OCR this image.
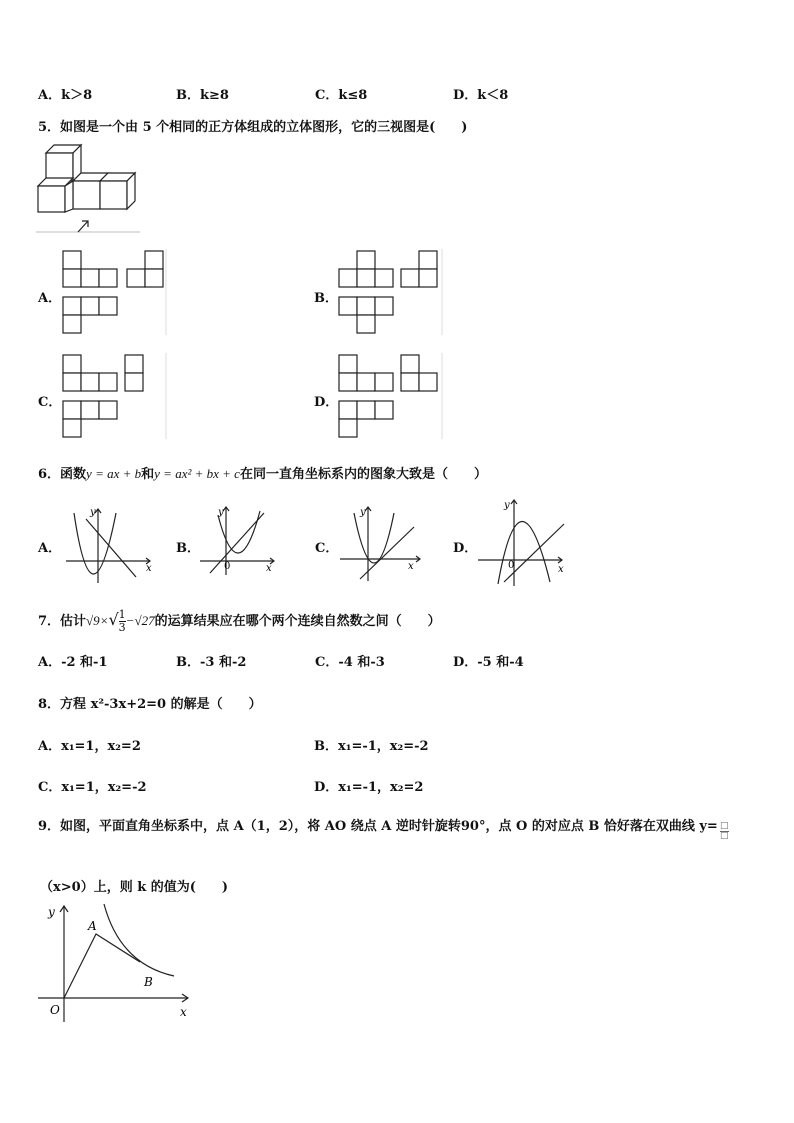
A．k＞8	B．k≥8	C．k≤8	D．k＜8
5．如图是一个由 5 个相同的正方体组成的立体图形，它的三视图是(　　)
A．	B．
C．	D．
6．函数y = ax + b和y = ax² + bx + c在同一直角坐标系内的图象大致是（　　）
A．
y
x
B．
y
0	x
C．
y
x
D．
y
0	x
7．估计$√9\times√ \frac{1}{3} -√27$的运算结果应在哪个两个连续自然数之间（　　）
A．-2 和-1	B．-3 和-2	C．-4 和-3	D．-5 和-4
8．方程 x²-3x+2=0 的解是（　　）
A．x₁=1，x₂=2	B．x₁=-1，x₂=-2
C．x₁=1，x₂=-2	D．x₁=-1，x₂=2
9．如图，平面直角坐标系中，点 A（1，2），将 AO 绕点 A 逆时针旋转90°，点 O 的对应点 B 恰好落在双曲线 y= □
□
（x>0）上，则 k 的值为(　　)
y
x
O
A
B
